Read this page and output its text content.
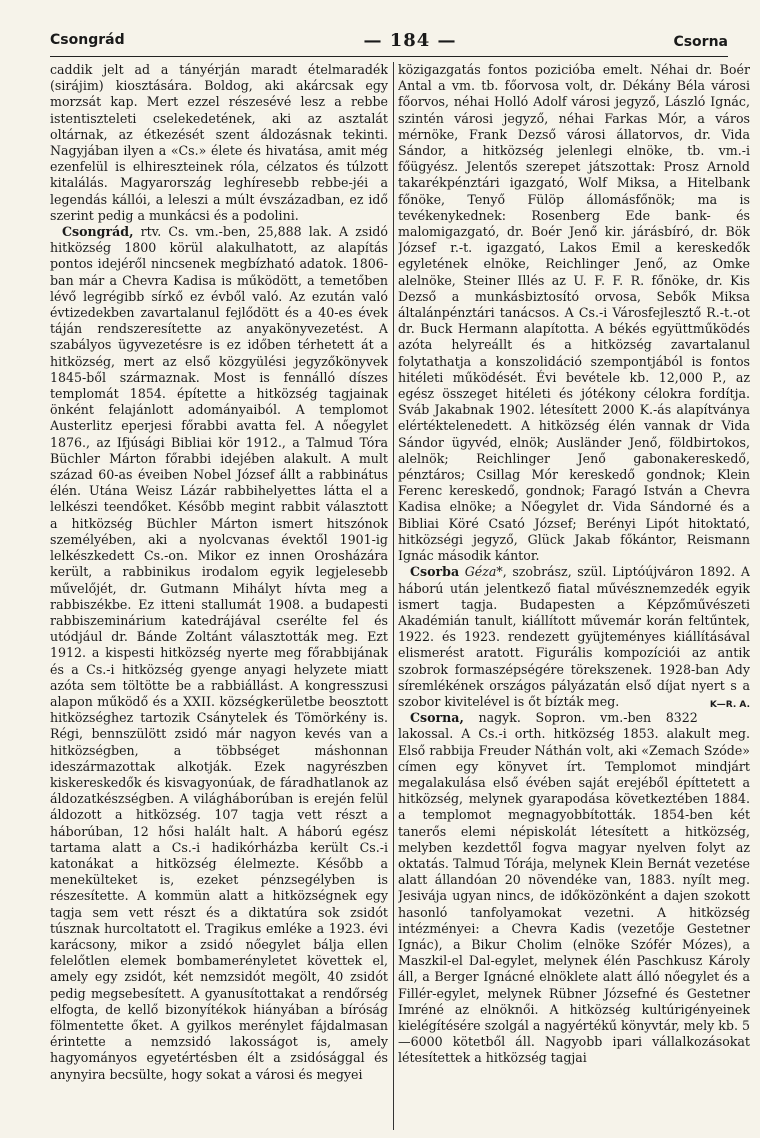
Csongrád	— 184 —	Csorna

caddik jelt ad a tányérján maradt ételmaradék (sirájim) kiosztására. Boldog, aki akárcsak egy morzsát kap. Mert ezzel részesévé lesz a rebbe istentiszteleti cselekedetének, aki az asztalát oltárnak, az étkezését szent áldozásnak tekinti. Nagyjában ilyen a «Cs.» élete és hivatása, amit még ezenfelül is elhireszteinek róla, célzatos és túlzott kitalálás. Magyarország leghíresebb rebbe-jéi a legendás kállói, a leleszi a múlt évszázadban, ez idő szerint pedig a munkácsi és a podolini.

Csongrád, rtv. Cs. vm.-ben, 25,888 lak. A zsidó hitközség 1800 körül alakulhatott, az alapítás pontos idejéről nincsenek megbízható adatok. 1806-ban már a Chevra Kadisa is működött, a temetőben lévő legrégibb sírkő ez évből való. Az ezután való évtizedekben zavartalanul fejlődött és a 40-es évek táján rendszeresítette az anyakönyvezetést. A szabályos ügyvezetésre is ez időben térhetett át a hitközség, mert az első közgyülési jegyzőkönyvek 1845-ből származnak. Most is fennálló díszes templomát 1854. építette a hitközség tagjainak önként felajánlott adományaiból. A templomot Austerlitz eperjesi főrabbi avatta fel. A nőegylet 1876., az Ifjúsági Bibliai kör 1912., a Talmud Tóra Büchler Márton főrabbi idejében alakult. A mult század 60-as éveiben Nobel József állt a rabbinátus élén. Utána Weisz Lázár rabbihelyettes látta el a lelkészi teendőket. Később megint rabbit választott a hitközség Büchler Márton ismert hitszónok személyében, aki a nyolcvanas évektől 1901-ig lelkészkedett Cs.-on. Mikor ez innen Orosházára került, a rabbinikus irodalom egyik legjelesebb művelőjét, dr. Gutmann Mihályt hívta meg a rabbiszékbe. Ez itteni stallumát 1908. a budapesti rabbiszeminárium katedrájával cserélte fel és utódjául dr. Bánde Zoltánt választották meg. Ezt 1912. a kispesti hitközség nyerte meg főrabbijának és a Cs.-i hitközség gyenge anyagi helyzete miatt azóta sem töltötte be a rabbiállást. A kongresszusi alapon működő és a XXII. községkerületbe beosztott hitközséghez tartozik Csánytelek és Tömörkény is. Régi, bennszülött zsidó már nagyon kevés van a hitközségben, a többséget máshonnan ideszármazottak alkotják. Ezek nagyrészben kiskereskedők és kisvagyonúak, de fáradhatlanok az áldozatkészségben. A világháborúban is erején felül áldozott a hitközség. 107 tagja vett részt a háborúban, 12 hősi halált halt. A háború egész tartama alatt a Cs.-i hadikórházba került Cs.-i katonákat a hitközség élelmezte. Később a menekülteket is, ezeket pénzsegélyben is részesítette. A kommün alatt a hitközségnek egy tagja sem vett részt és a diktatúra sok zsidót túsznak hurcoltatott el. Tragikus emléke a 1923. évi karácsony, mikor a zsidó nőegylet bálja ellen felelőtlen elemek bombamerényletet követtek el, amely egy zsidót, két nemzsidót megölt, 40 zsidót pedig megsebesített. A gyanusítottakat a rendőrség elfogta, de kellő bizonyítékok hiányában a bíróság fölmentette őket. A gyilkos merénylet fájdalmasan érintette a nemzsidó lakosságot is, amely hagyományos egyetértésben élt a zsidósággal és anynyira becsülte, hogy sokat a városi és megyei

közigazgatás fontos pozicióba emelt. Néhai dr. Boér Antal a vm. tb. főorvosa volt, dr. Dékány Béla városi főorvos, néhai Holló Adolf városi jegyző, László Ignác, szintén városi jegyző, néhai Farkas Mór, a város mérnöke, Frank Dezső városi állatorvos, dr. Vida Sándor, a hitközség jelenlegi elnöke, tb. vm.-i főügyész. Jelentős szerepet játszottak: Prosz Arnold takarékpénztári igazgató, Wolf Miksa, a Hitelbank főnöke, Tenyő Fülöp állomásfőnök; ma is tevékenykednek: Rosenberg Ede bank- és malomigazgató, dr. Boér Jenő kir. járásbíró, dr. Bök József r.-t. igazgató, Lakos Emil a kereskedők egyletének elnöke, Reichlinger Jenő, az Omke alelnöke, Steiner Illés az U. F. F. R. főnöke, dr. Kis Dezső a munkásbiztosító orvosa, Sebők Miksa általánpénztári tanácsos. A Cs.-i Városfejlesztő R.-t.-ot dr. Buck Hermann alapította. A békés együttműködés azóta helyreállt és a hitközség zavartalanul folytathatja a konszolidáció szempontjából is fontos hitéleti működését. Évi bevétele kb. 12,000 P., az egész összeget hitéleti és jótékony célokra fordítja. Sváb Jakabnak 1902. létesített 2000 K.-ás alapítványa elértéktelenedett. A hitközség élén vannak dr Vida Sándor ügyvéd, elnök; Ausländer Jenő, földbirtokos, alelnök; Reichlinger Jenő gabonakereskedő, pénztáros; Csillag Mór kereskedő gondnok; Klein Ferenc kereskedő, gondnok; Faragó István a Chevra Kadisa elnöke; a Nőegylet dr. Vida Sándorné és a Bibliai Köré Csató József; Berényi Lipót hitoktató, hitközségi jegyző, Glück Jakab főkántor, Reismann Ignác második kántor.

Csorba Géza*, szobrász, szül. Liptóújváron 1892. A háború után jelentkező fiatal művésznemzedék egyik ismert tagja. Budapesten a Képzőművészeti Akadémián tanult, kiállított művemár korán feltűntek, 1922. és 1923. rendezett gyüjteményes kiállításával elismerést aratott. Figurális kompozíciói az antik szobrok formaszépségére törekszenek. 1928-ban Ady síremlékének országos pályázatán első díjat nyert s a szobor kivitelével is őt bízták meg.	K—R. A.

Csorna, nagyk. Sopron. vm.-ben 8322 lakossal. A Cs.-i orth. hitközség 1853. alakult meg. Első rabbija Freuder Náthán volt, aki «Zemach Szóde» címen egy könyvet írt. Templomot mindjárt megalakulása első évében saját erejéből építtetett a hitközség, melynek gyarapodása következtében 1884. a templomot megnagyobbították. 1854-ben két tanerős elemi népiskolát létesített a hitközség, melyben kezdettől fogva magyar nyelven folyt az oktatás. Talmud Tórája, melynek Klein Bernát vezetése alatt állandóan 20 növendéke van, 1883. nyílt meg. Jesivája ugyan nincs, de időközönként a dajen szokott hasonló tanfolyamokat vezetni. A hitközség intézményei: a Chevra Kadis (vezetője Gestetner Ignác), a Bikur Cholim (elnöke Szófér Mózes), a Maszkil-el Dal-egylet, melynek élén Paschkusz Károly áll, a Berger Ignácné elnöklete alatt álló nőegylet és a Fillér-egylet, melynek Rübner Józsefné és Gestetner Imréné az elnöknői. A hitközség kultúrigényeinek kielégítésére szolgál a nagyértékű könyvtár, mely kb. 5—6000 kötetből áll. Nagyobb ipari vállalkozásokat létesítettek a hitközség tagjai
